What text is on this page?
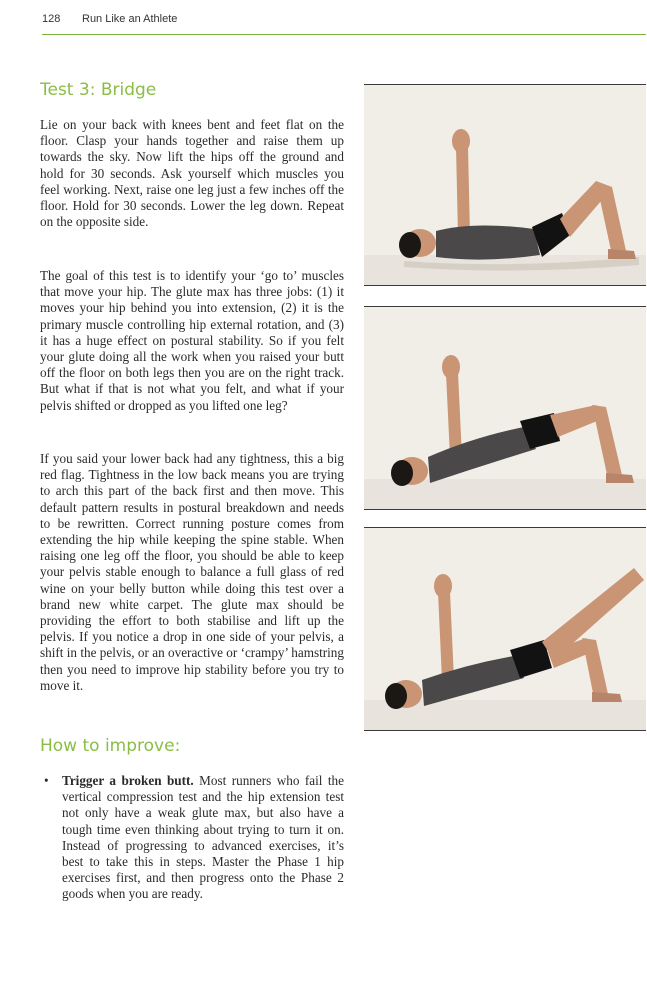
128 Run Like an Athlete
Test 3: Bridge

Lie on your back with knees bent and feet flat on the floor. Clasp your hands together and raise them up towards the sky. Now lift the hips off the ground and hold for 30 seconds. Ask yourself which muscles you feel working. Next, raise one leg just a few inches off the floor. Hold for 30 seconds. Lower the leg down. Repeat on the opposite side.

The goal of this test is to identify your ‘go to’ muscles that move your hip. The glute max has three jobs: (1) it moves your hip behind you into extension, (2) it is the primary muscle controlling hip external rotation, and (3) it has a huge effect on postural stability. So if you felt your glute doing all the work when you raised your butt off the floor on both legs then you are on the right track. But what if that is not what you felt, and what if your pelvis shifted or dropped as you lifted one leg?

If you said your lower back had any tightness, this a big red flag. Tightness in the low back means you are trying to arch this part of the back first and then move. This default pattern results in postural breakdown and needs to be rewritten. Correct running posture comes from extending the hip while keeping the spine stable. When raising one leg off the floor, you should be able to keep your pelvis stable enough to balance a full glass of red wine on your belly button while doing this test over a brand new white carpet. The glute max should be providing the effort to both stabilise and lift up the pelvis. If you notice a drop in one side of your pelvis, a shift in the pelvis, or an overactive or ‘crampy’ hamstring then you need to improve hip stability before you try to move it.

How to improve:

• Trigger a broken butt. Most runners who fail the vertical compression test and the hip extension test not only have a weak glute max, but also have a tough time even thinking about trying to turn it on. Instead of progressing to advanced exercises, it’s best to take this in steps. Master the Phase 1 hip exercises first, and then progress onto the Phase 2 goods when you are ready.
